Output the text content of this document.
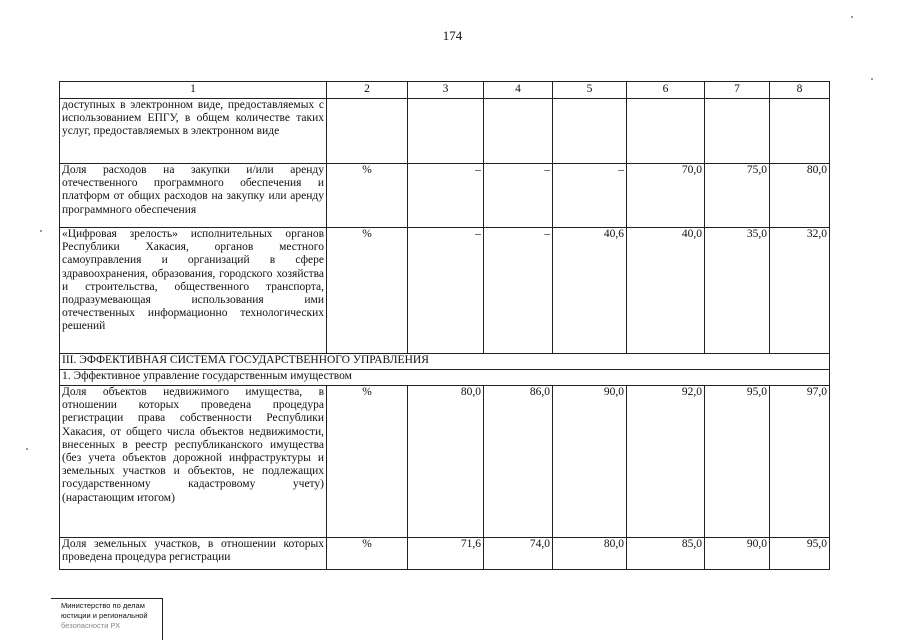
174
1	2	3	4	5	6	7	8
доступных в электронном виде, предоставляемых с использованием ЕПГУ, в общем количестве таких услуг, предоставляемых в электронном виде							
Доля расходов на закупки и/или аренду отечественного программного обеспечения и платформ от общих расходов на закупку или аренду программного обеспечения	%	–	–	–	70,0	75,0	80,0
«Цифровая зрелость» исполнительных органов Республики Хакасия, органов местного самоуправления и организаций в сфере здравоохранения, образования, городского хозяйства и строительства, общественного транспорта, подразумевающая использования ими отечественных информационно технологических решений	%	–	–	40,6	40,0	35,0	32,0
III. ЭФФЕКТИВНАЯ СИСТЕМА ГОСУДАРСТВЕННОГО УПРАВЛЕНИЯ							
1. Эффективное управление государственным имуществом							
Доля объектов недвижимого имущества, в отношении которых проведена процедура регистрации права собственности Республики Хакасия, от общего числа объектов недвижимости, внесенных в реестр республиканского имущества (без учета объектов дорожной инфраструктуры и земельных участков и объектов, не подлежащих государственному кадастровому учету) (нарастающим итогом)	%	80,0	86,0	90,0	92,0	95,0	97,0
Доля земельных участков, в отношении которых проведена процедура регистрации	%	71,6	74,0	80,0	85,0	90,0	95,0
Министерство по делам
юстиции и региональной
безопасности РХ
